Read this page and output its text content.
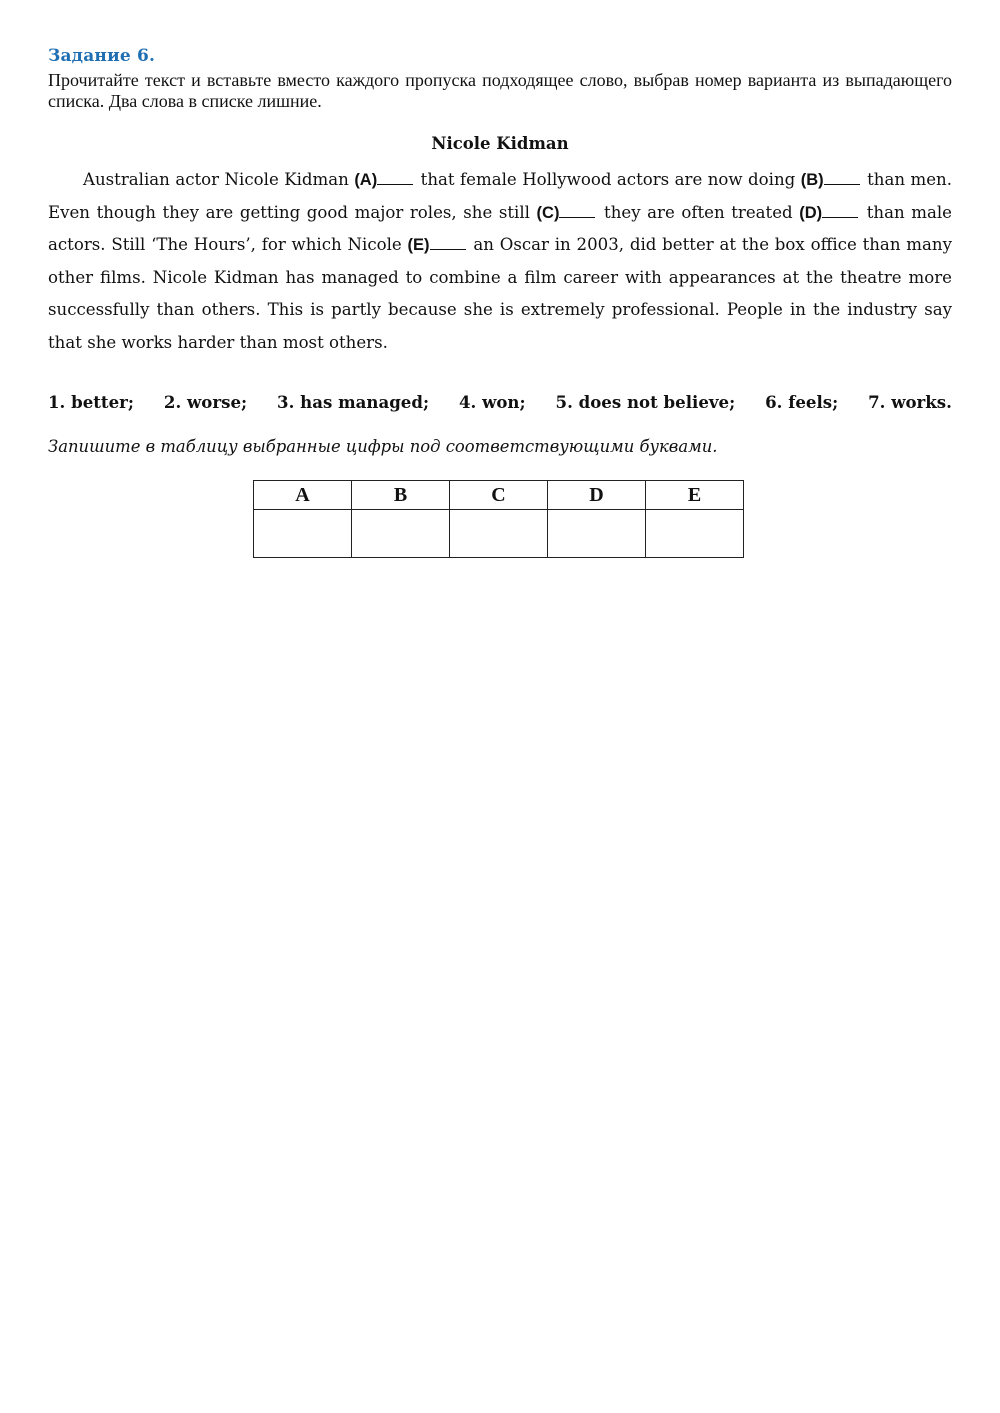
Задание 6.
Прочитайте текст и вставьте вместо каждого пропуска подходящее слово, выбрав номер варианта из выпадающего списка. Два слова в списке лишние.
Nicole Kidman
Australian actor Nicole Kidman (A) that female Hollywood actors are now doing (B) than men. Even though they are getting good major roles, she still (C) they are often treated (D) than male actors. Still ‘The Hours’, for which Nicole (E) an Oscar in 2003, did better at the box office than many other films. Nicole Kidman has managed to combine a film career with appearances at the theatre more successfully than others. This is partly because she is extremely professional. People in the industry say that she works harder than most others.
1. better; 2. worse; 3. has managed; 4. won; 5. does not believe; 6. feels; 7. works.
Запишите в таблицу выбранные цифры под соответствующими буквами.
A	B	C	D	E
